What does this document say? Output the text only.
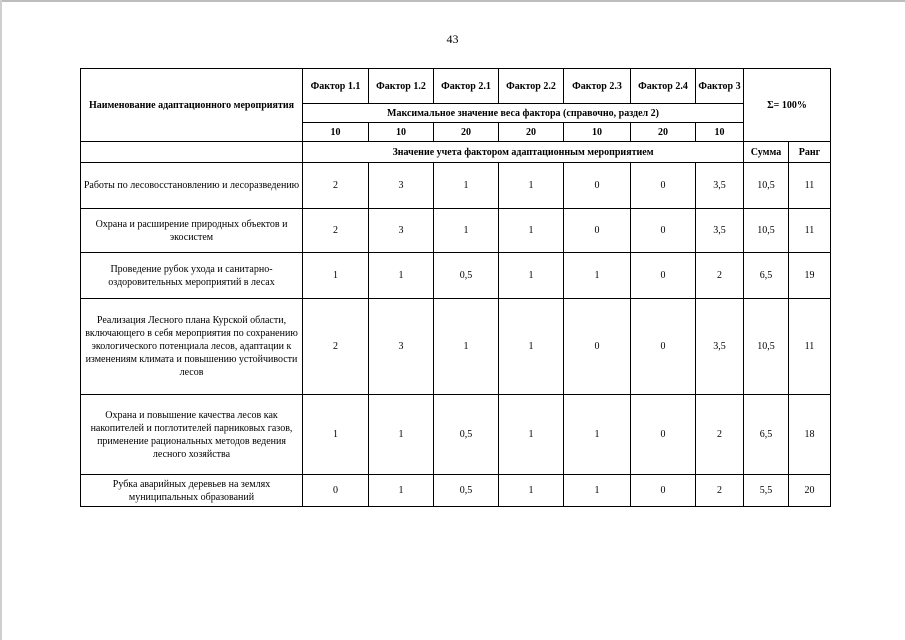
43
Наименование адаптационного мероприятия	Фактор 1.1	Фактор 1.2	Фактор 2.1	Фактор 2.2	Фактор 2.3	Фактор 2.4	Фактор 3	Σ= 100%	
	Максимальное значение веса фактора (справочно, раздел 2)								
	10	10	20	20	10	20	10		
	Значение учета фактором адаптационным мероприятием							Сумма	Ранг
Работы по лесовосстановлению и лесоразведению	2	3	1	1	0	0	3,5	10,5	11
Охрана и расширение природных объектов и экосистем	2	3	1	1	0	0	3,5	10,5	11
Проведение рубок ухода и санитарно-оздоровительных мероприятий в лесах	1	1	0,5	1	1	0	2	6,5	19
Реализация Лесного плана Курской области, включающего в себя мероприятия по сохранению экологического потенциала лесов, адаптации к изменениям климата и повышению устойчивости лесов	2	3	1	1	0	0	3,5	10,5	11
Охрана и повышение качества лесов как накопителей и поглотителей парниковых газов, применение рациональных методов ведения лесного хозяйства	1	1	0,5	1	1	0	2	6,5	18
Рубка аварийных деревьев на землях муниципальных образований	0	1	0,5	1	1	0	2	5,5	20
